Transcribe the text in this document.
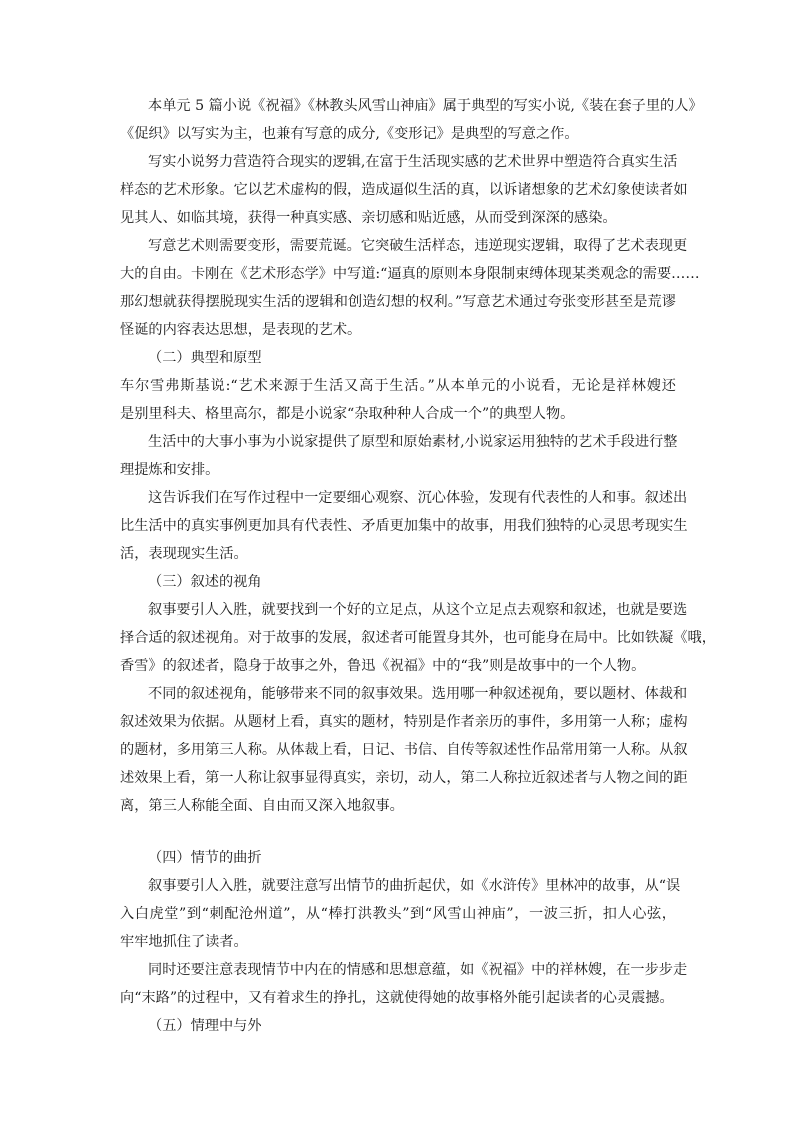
本单元 5 篇小说《祝福》《林教头风雪山神庙》属于典型的写实小说,《装在套子里的人》
《促织》以写实为主，也兼有写意的成分,《变形记》是典型的写意之作。
写实小说努力营造符合现实的逻辑,在富于生活现实感的艺术世界中塑造符合真实生活
样态的艺术形象。它以艺术虚构的假，造成逼似生活的真，以诉诸想象的艺术幻象使读者如
见其人、如临其境，获得一种真实感、亲切感和贴近感，从而受到深深的感染。
写意艺术则需要变形，需要荒诞。它突破生活样态，违逆现实逻辑，取得了艺术表现更
大的自由。卡刚在《艺术形态学》中写道:“逼真的原则本身限制束缚体现某类观念的需要……
那幻想就获得摆脱现实生活的逻辑和创造幻想的权利。”写意艺术通过夸张变形甚至是荒谬
怪诞的内容表达思想，是表现的艺术。
（二）典型和原型
车尔雪弗斯基说:“艺术来源于生活又高于生活。”从本单元的小说看，无论是祥林嫂还
是别里科夫、格里高尔，都是小说家“杂取种种人合成一个”的典型人物。
生活中的大事小事为小说家提供了原型和原始素材,小说家运用独特的艺术手段进行整
理提炼和安排。
这告诉我们在写作过程中一定要细心观察、沉心体验，发现有代表性的人和事。叙述出
比生活中的真实事例更加具有代表性、矛盾更加集中的故事，用我们独特的心灵思考现实生
活，表现现实生活。
（三）叙述的视角
叙事要引人入胜，就要找到一个好的立足点，从这个立足点去观察和叙述，也就是要选
择合适的叙述视角。对于故事的发展，叙述者可能置身其外，也可能身在局中。比如铁凝《哦，
香雪》的叙述者，隐身于故事之外，鲁迅《祝福》中的“我”则是故事中的一个人物。
不同的叙述视角，能够带来不同的叙事效果。选用哪一种叙述视角，要以题材、体裁和
叙述效果为依据。从题材上看，真实的题材，特别是作者亲历的事件，多用第一人称；虚构
的题材，多用第三人称。从体裁上看，日记、书信、自传等叙述性作品常用第一人称。从叙
述效果上看，第一人称让叙事显得真实，亲切，动人，第二人称拉近叙述者与人物之间的距
离，第三人称能全面、自由而又深入地叙事。
（四）情节的曲折
叙事要引人入胜，就要注意写出情节的曲折起伏，如《水浒传》里林冲的故事，从“误
入白虎堂”到“刺配沧州道”，从“棒打洪教头”到“风雪山神庙”，一波三折，扣人心弦，
牢牢地抓住了读者。
同时还要注意表现情节中内在的情感和思想意蕴，如《祝福》中的祥林嫂，在一步步走
向“末路”的过程中，又有着求生的挣扎，这就使得她的故事格外能引起读者的心灵震撼。
（五）情理中与外
